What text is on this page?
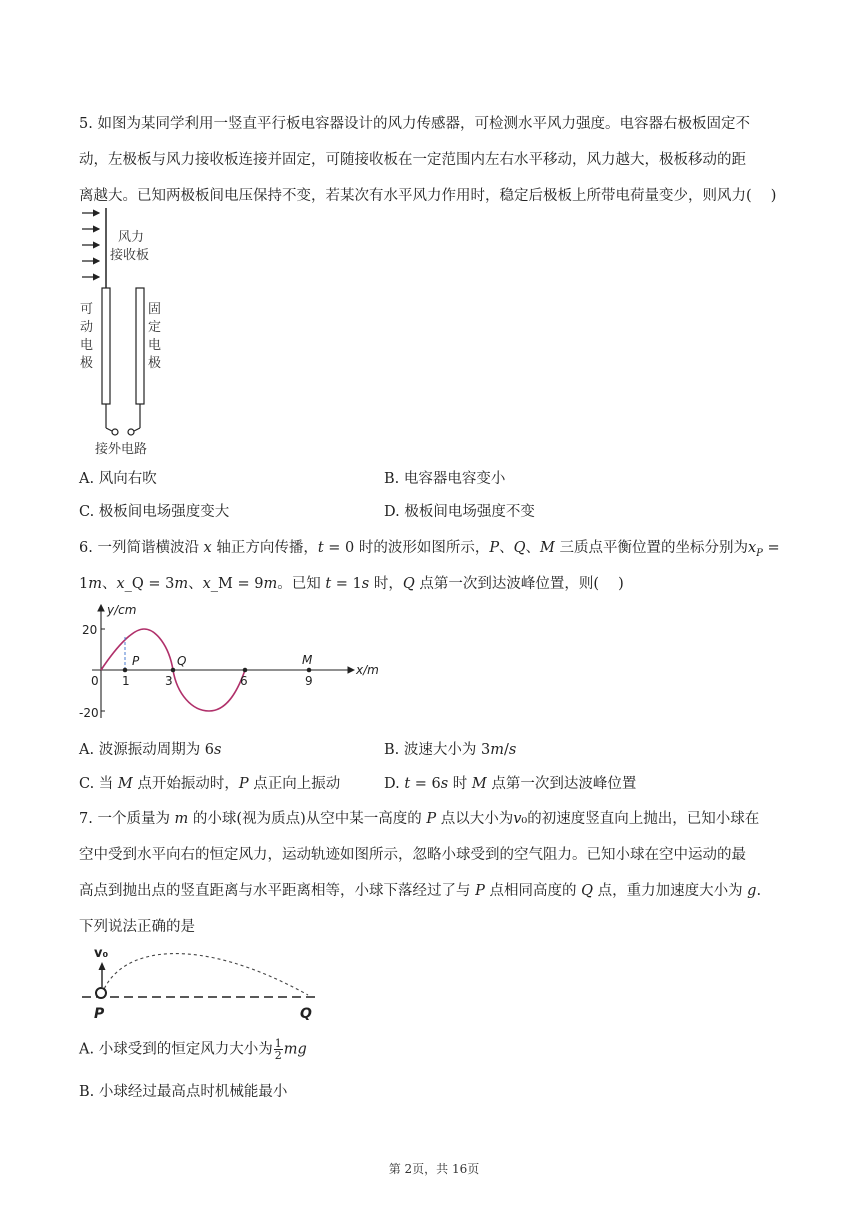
5. 如图为某同学利用一竖直平行板电容器设计的风力传感器，可检测水平风力强度。电容器右极板固定不
动，左极板与风力接收板连接并固定，可随接收板在一定范围内左右水平移动，风力越大，极板移动的距
离越大。已知两极板间电压保持不变，若某次有水平风力作用时，稳定后极板上所带电荷量变少，则风力(　 )
风力
接收板
可
动
电
极
固
定
电
极
接外电路
A. 风向右吹	B. 电容器电容变小
C. 极板间电场强度变大	D. 极板间电场强度不变
6. 一列简谐横波沿 𝑥 轴正方向传播，𝑡 = 0 时的波形如图所示，𝑃、𝑄、𝑀 三质点平衡位置的坐标分别为𝑥$_P$ =
1𝑚、𝑥_Q = 3𝑚、𝑥_M = 9𝑚。已知 𝑡 = 1𝑠 时，𝑄 点第一次到达波峰位置，则(　 )
y/cm
x/m
20
-20
0 1	3	6	9
P	Q	M
A. 波源振动周期为 6𝑠	B. 波速大小为 3𝑚/𝑠
C. 当 𝑀 点开始振动时，𝑃 点正向上振动	D. 𝑡 = 6𝑠 时 𝑀 点第一次到达波峰位置
7. 一个质量为 𝑚 的小球(视为质点)从空中某一高度的 𝑃 点以大小为𝑣₀的初速度竖直向上抛出，已知小球在
空中受到水平向右的恒定风力，运动轨迹如图所示，忽略小球受到的空气阻力。已知小球在空中运动的最
高点到抛出点的竖直距离与水平距离相等，小球下落经过了与 𝑃 点相同高度的 𝑄 点，重力加速度大小为 𝑔.
下列说法正确的是
v₀
P	Q
A. 小球受到的恒定风力大小为 $\frac{1}{2}$ 𝑚𝑔
B. 小球经过最高点时机械能最小
第 2页，共 16页
